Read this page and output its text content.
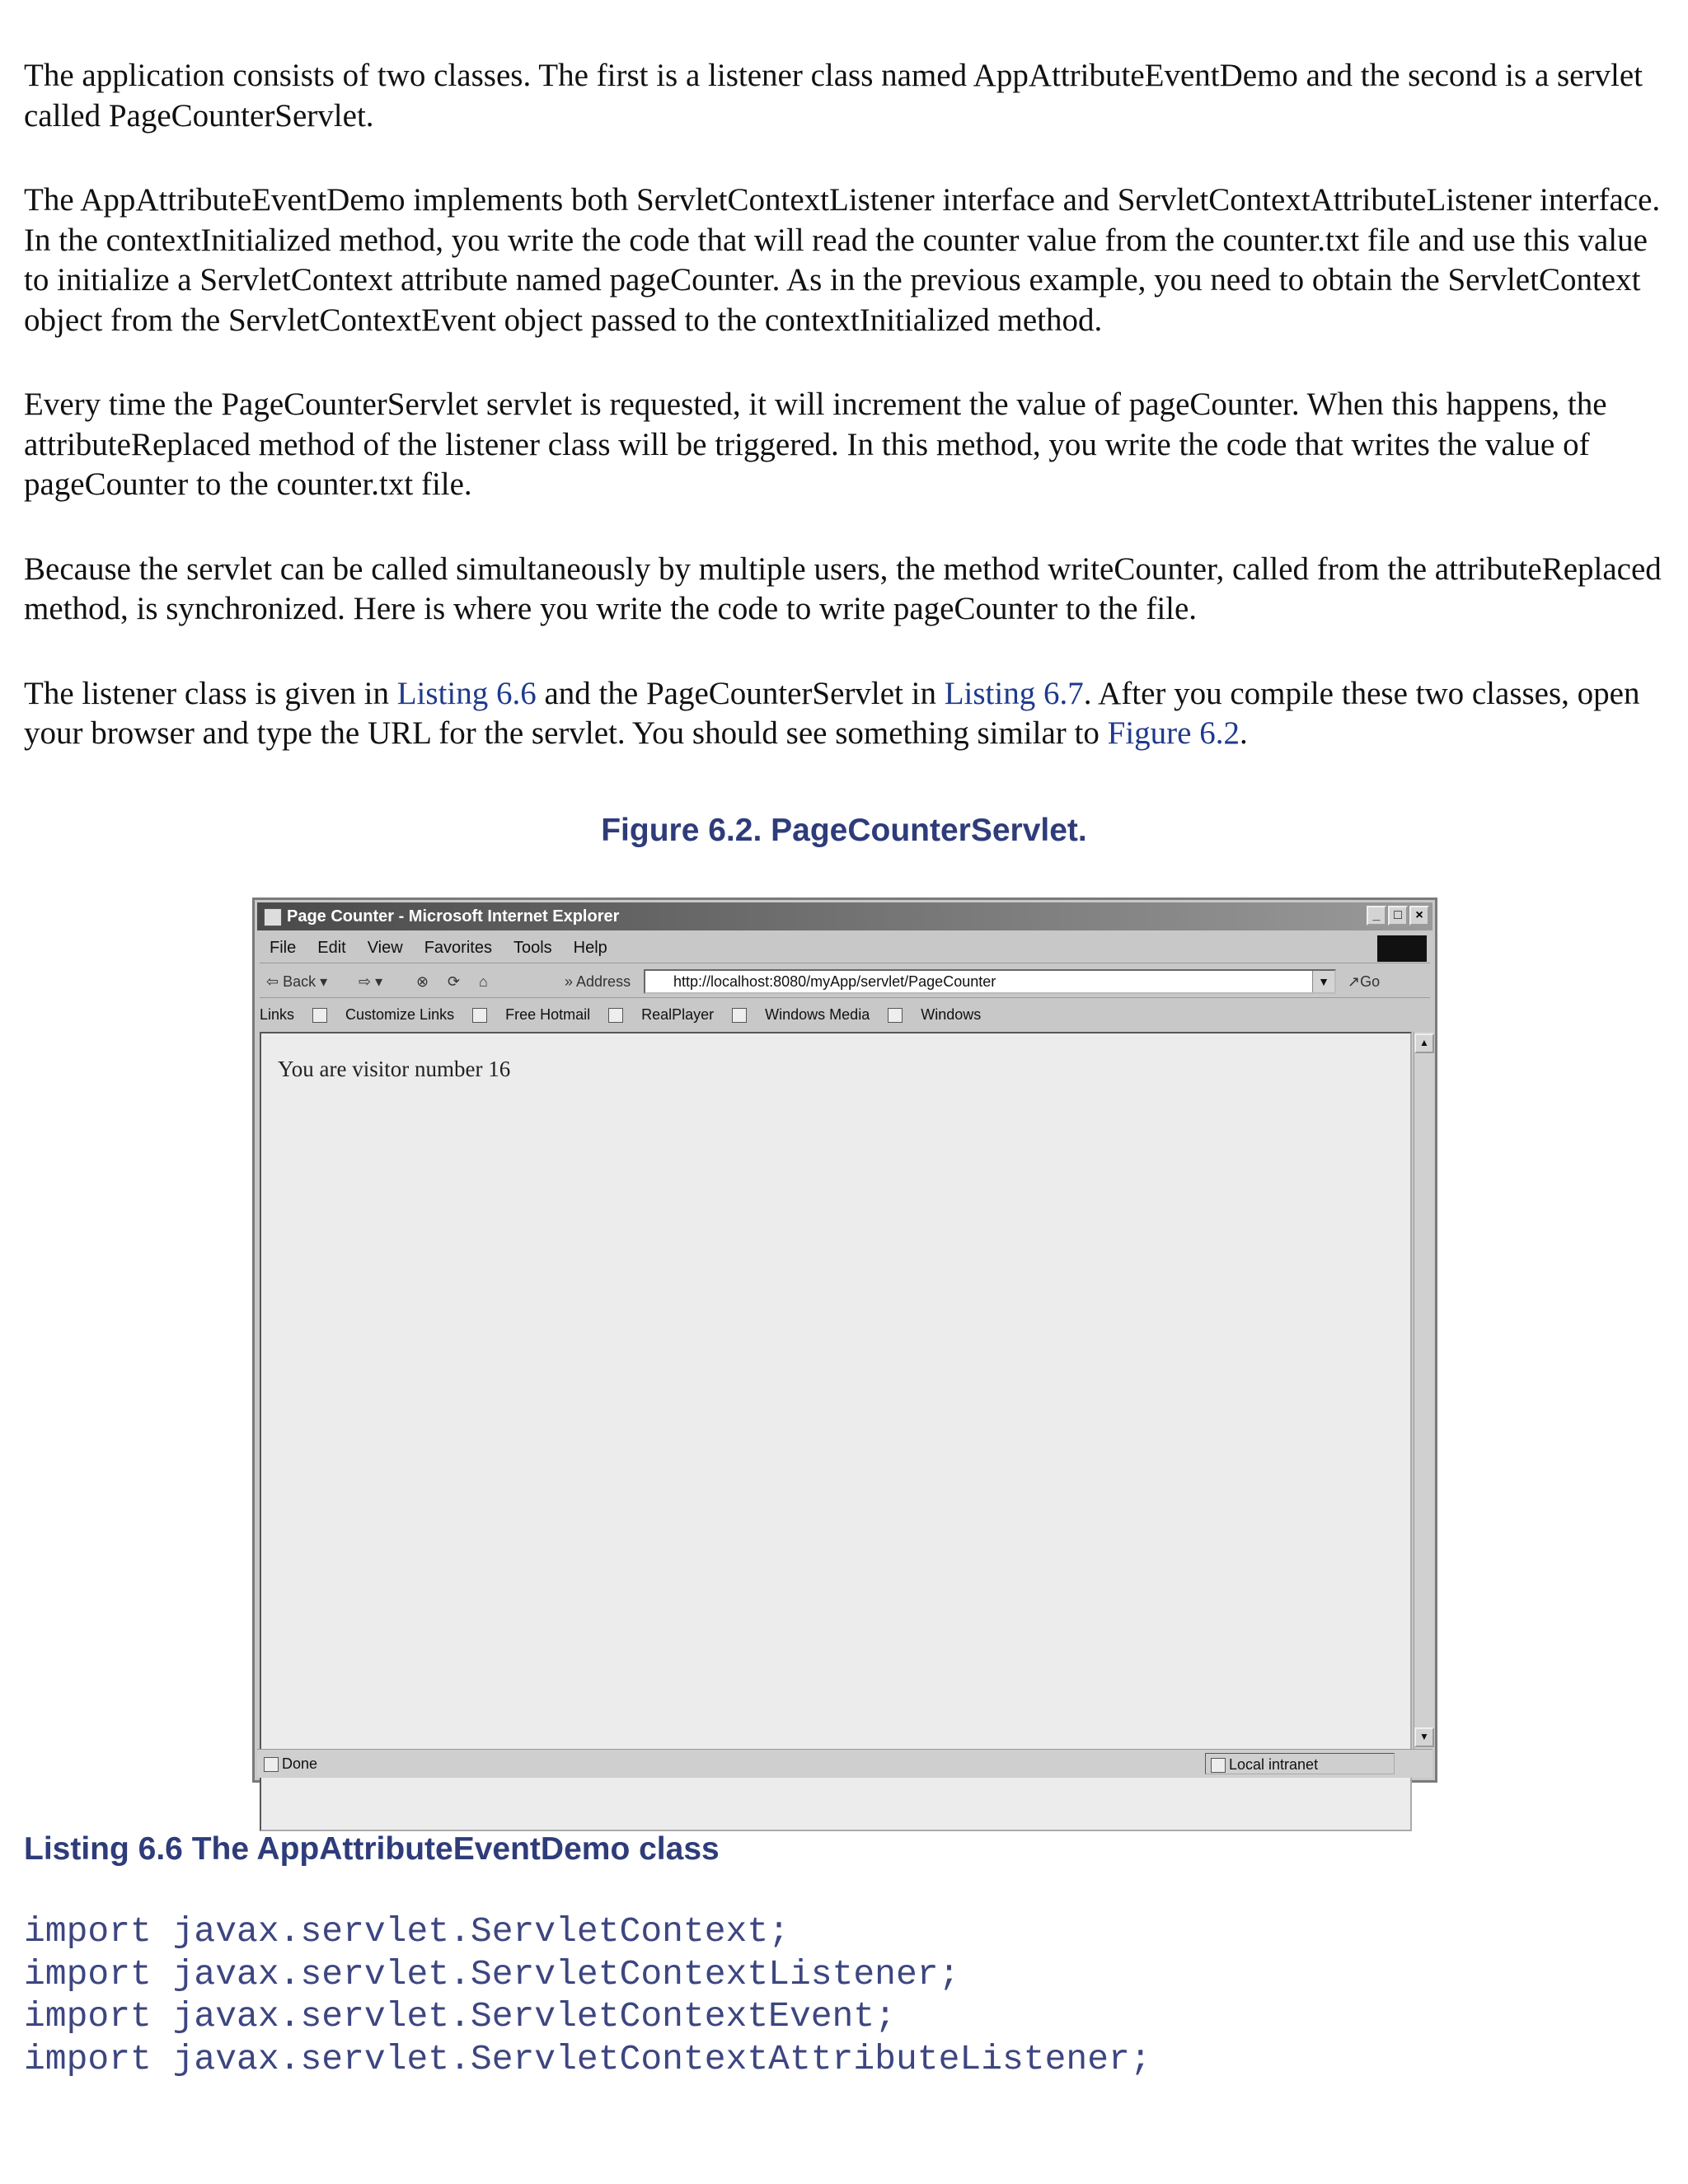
The application consists of two classes. The first is a listener class named AppAttributeEventDemo and the second is a servlet called PageCounterServlet.

The AppAttributeEventDemo implements both ServletContextListener interface and ServletContextAttributeListener interface. In the contextInitialized method, you write the code that will read the counter value from the counter.txt file and use this value to initialize a ServletContext attribute named pageCounter. As in the previous example, you need to obtain the ServletContext object from the ServletContextEvent object passed to the contextInitialized method.

Every time the PageCounterServlet servlet is requested, it will increment the value of pageCounter. When this happens, the attributeReplaced method of the listener class will be triggered. In this method, you write the code that writes the value of pageCounter to the counter.txt file.

Because the servlet can be called simultaneously by multiple users, the method writeCounter, called from the attributeReplaced method, is synchronized. Here is where you write the code to write pageCounter to the file.

The listener class is given in Listing 6.6 and the PageCounterServlet in Listing 6.7. After you compile these two classes, open your browser and type the URL for the servlet. You should see something similar to Figure 6.2.

Figure 6.2. PageCounterServlet.
Page Counter - Microsoft Internet Explorer	_	□	×
File Edit View Favorites Tools Help
⇦ Back ▾ ⇨ ▾ ⊗ ⟳ ⌂	» Address	http://localhost:8080/myApp/servlet/PageCounter	▼	↗Go
Links	Customize Links	Free Hotmail	RealPlayer	Windows Media	Windows
You are visitor number 16
▲
▼
Done	Local intranet
Listing 6.6 The AppAttributeEventDemo class
import javax.servlet.ServletContext;
import javax.servlet.ServletContextListener;
import javax.servlet.ServletContextEvent;
import javax.servlet.ServletContextAttributeListener;
